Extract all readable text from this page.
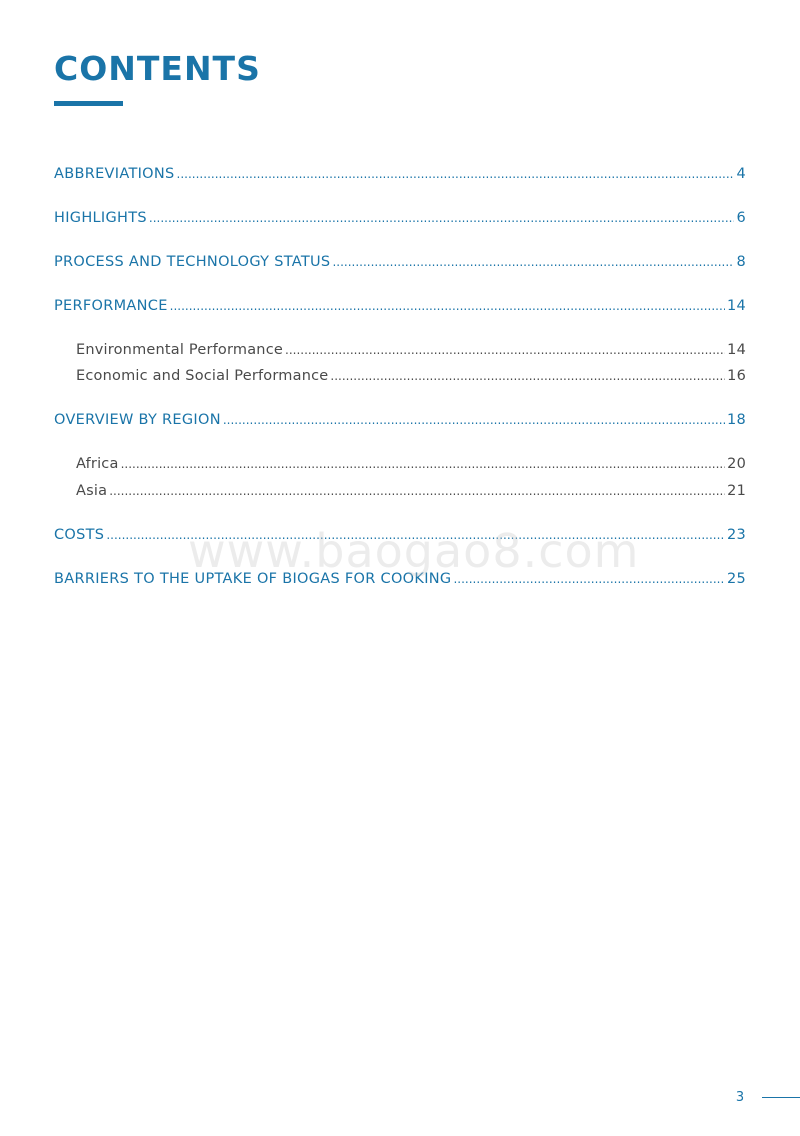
CONTENTS
ABBREVIATIONS .....	4
HIGHLIGHTS .....	6
PROCESS AND TECHNOLOGY STATUS .....	8
PERFORMANCE .....	14
Environmental Performance .....	14
Economic and Social Performance .....	16
OVERVIEW BY REGION .....	18
Africa .....	20
Asia .....	21
COSTS .....	23
BARRIERS TO THE UPTAKE OF BIOGAS FOR COOKING .....	25
www.baogao8.com
3
